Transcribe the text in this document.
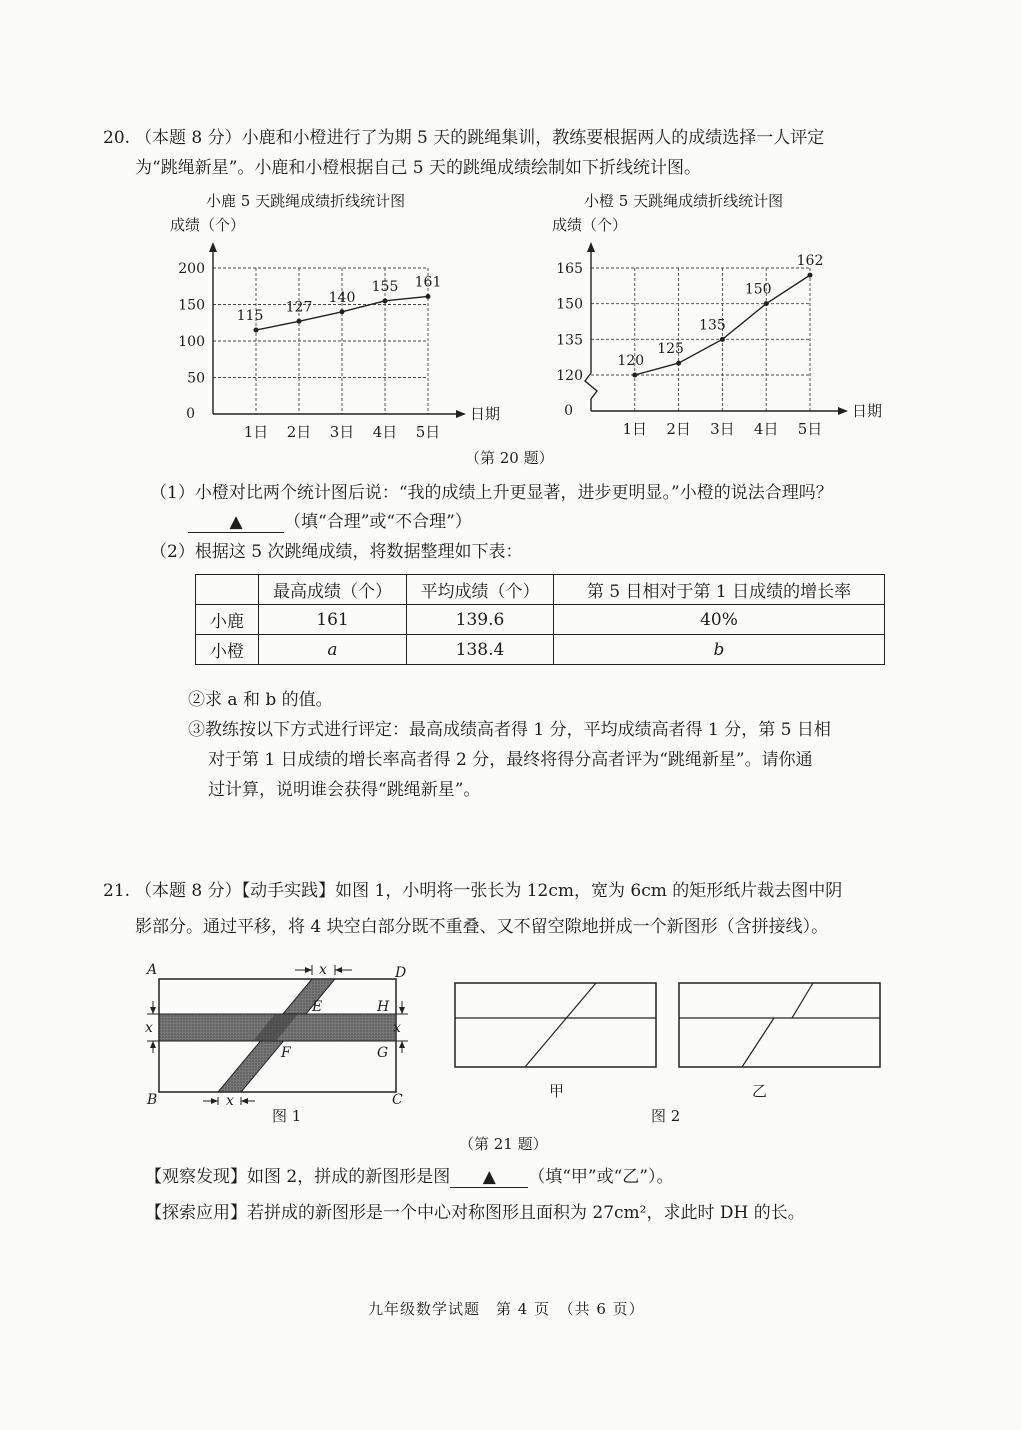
20. （本题 8 分）小鹿和小橙进行了为期 5 天的跳绳集训，教练要根据两人的成绩选择一人评定
为“跳绳新星”。小鹿和小橙根据自己 5 天的跳绳成绩绘制如下折线统计图。
小鹿 5 天跳绳成绩折线统计图
成绩（个）
50
100
150
200
0	日期
1日 2日 3日 4日 5日
115
127
140
155 161
小橙 5 天跳绳成绩折线统计图
成绩（个）
120
135
150
165
0	日期
1日 2日 3日 4日 5日
120
125
135
150
162
（第 20 题）
（1）小橙对比两个统计图后说：“我的成绩上升更显著，进步更明显。”小橙的说法合理吗？
▲ （填“合理”或“不合理”）
（2）根据这 5 次跳绳成绩，将数据整理如下表：
	最高成绩（个）	平均成绩（个）	第 5 日相对于第 1 日成绩的增长率
小鹿	161	139.6	40%
小橙	a	138.4	b
②求 a 和 b 的值。
③教练按以下方式进行评定：最高成绩高者得 1 分，平均成绩高者得 1 分，第 5 日相
对于第 1 日成绩的增长率高者得 2 分，最终将得分高者评为“跳绳新星”。请你通
过计算，说明谁会获得“跳绳新星”。
21. （本题 8 分）【动手实践】如图 1，小明将一张长为 12cm，宽为 6cm 的矩形纸片裁去图中阴
影部分。通过平移，将 4 块空白部分既不重叠、又不留空隙地拼成一个新图形（含拼接线）。
A	D
B	C
E
F	G
H
x
x
x	x
图 1
甲	乙
图 2
（第 21 题）
【观察发现】如图 2，拼成的新图形是图 ▲ （填“甲”或“乙”）。
【探索应用】若拼成的新图形是一个中心对称图形且面积为 27cm²，求此时 DH 的长。
九年级数学试题　第 4 页　（共 6 页）
